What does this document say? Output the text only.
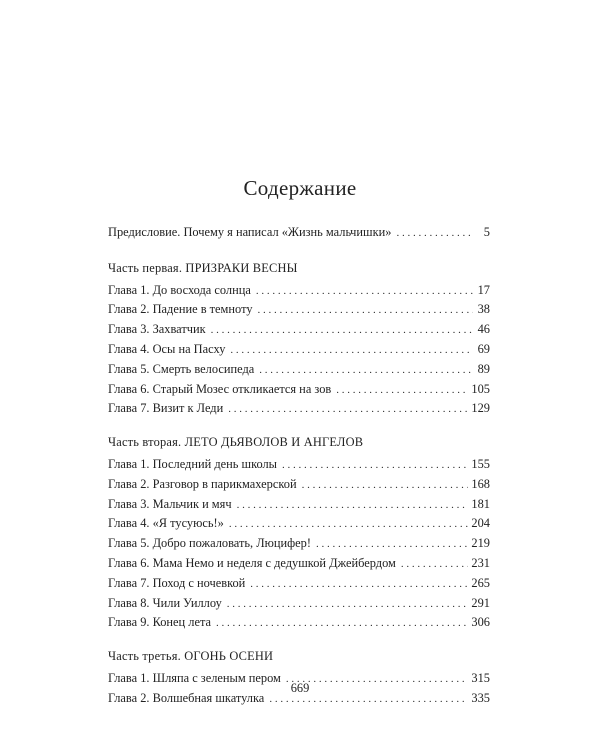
Содержание
Предисловие. Почему я написал «Жизнь мальчишки» . . .	5
Часть первая. ПРИЗРАКИ ВЕСНЫ
Глава 1. До восхода солнца . . .	17
Глава 2. Падение в темноту . . .	38
Глава 3. Захватчик . . .	46
Глава 4. Осы на Пасху . . .	69
Глава 5. Смерть велосипеда . . .	89
Глава 6. Старый Мозес откликается на зов . . .	105
Глава 7. Визит к Леди . . .	129
Часть вторая. ЛЕТО ДЬЯВОЛОВ И АНГЕЛОВ
Глава 1. Последний день школы . . .	155
Глава 2. Разговор в парикмахерской . . .	168
Глава 3. Мальчик и мяч . . .	181
Глава 4. «Я тусуюсь!» . . .	204
Глава 5. Добро пожаловать, Люцифер! . . .	219
Глава 6. Мама Немо и неделя с дедушкой Джейбердом . . .	231
Глава 7. Поход с ночевкой . . .	265
Глава 8. Чили Уиллоу . . .	291
Глава 9. Конец лета . . .	306
Часть третья. ОГОНЬ ОСЕНИ
Глава 1. Шляпа с зеленым пером . . .	315
Глава 2. Волшебная шкатулка . . .	335
669
